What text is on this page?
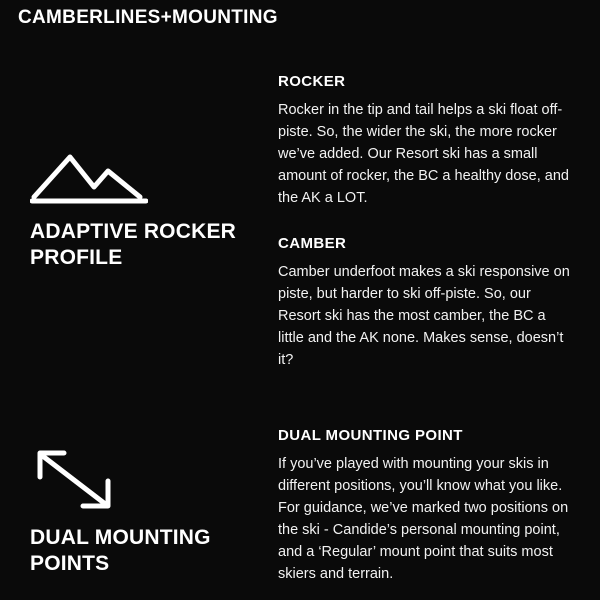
CAMBERLINES+MOUNTING
ADAPTIVE ROCKER PROFILE
ROCKER
Rocker in the tip and tail helps a ski float off-piste. So, the wider the ski, the more rocker we’ve added. Our Resort ski has a small amount of rocker, the BC a healthy dose, and the AK a LOT.
CAMBER
Camber underfoot makes a ski responsive on piste, but harder to ski off-piste. So, our Resort ski has the most camber, the BC a little and the AK none. Makes sense, doesn’t it?
DUAL MOUNTING POINTS
DUAL MOUNTING POINT
If you’ve played with mounting your skis in different positions, you’ll know what you like. For guidance, we’ve marked two positions on the ski - Candide’s personal mounting point, and a ‘Regular’ mount point that suits most skiers and terrain.
